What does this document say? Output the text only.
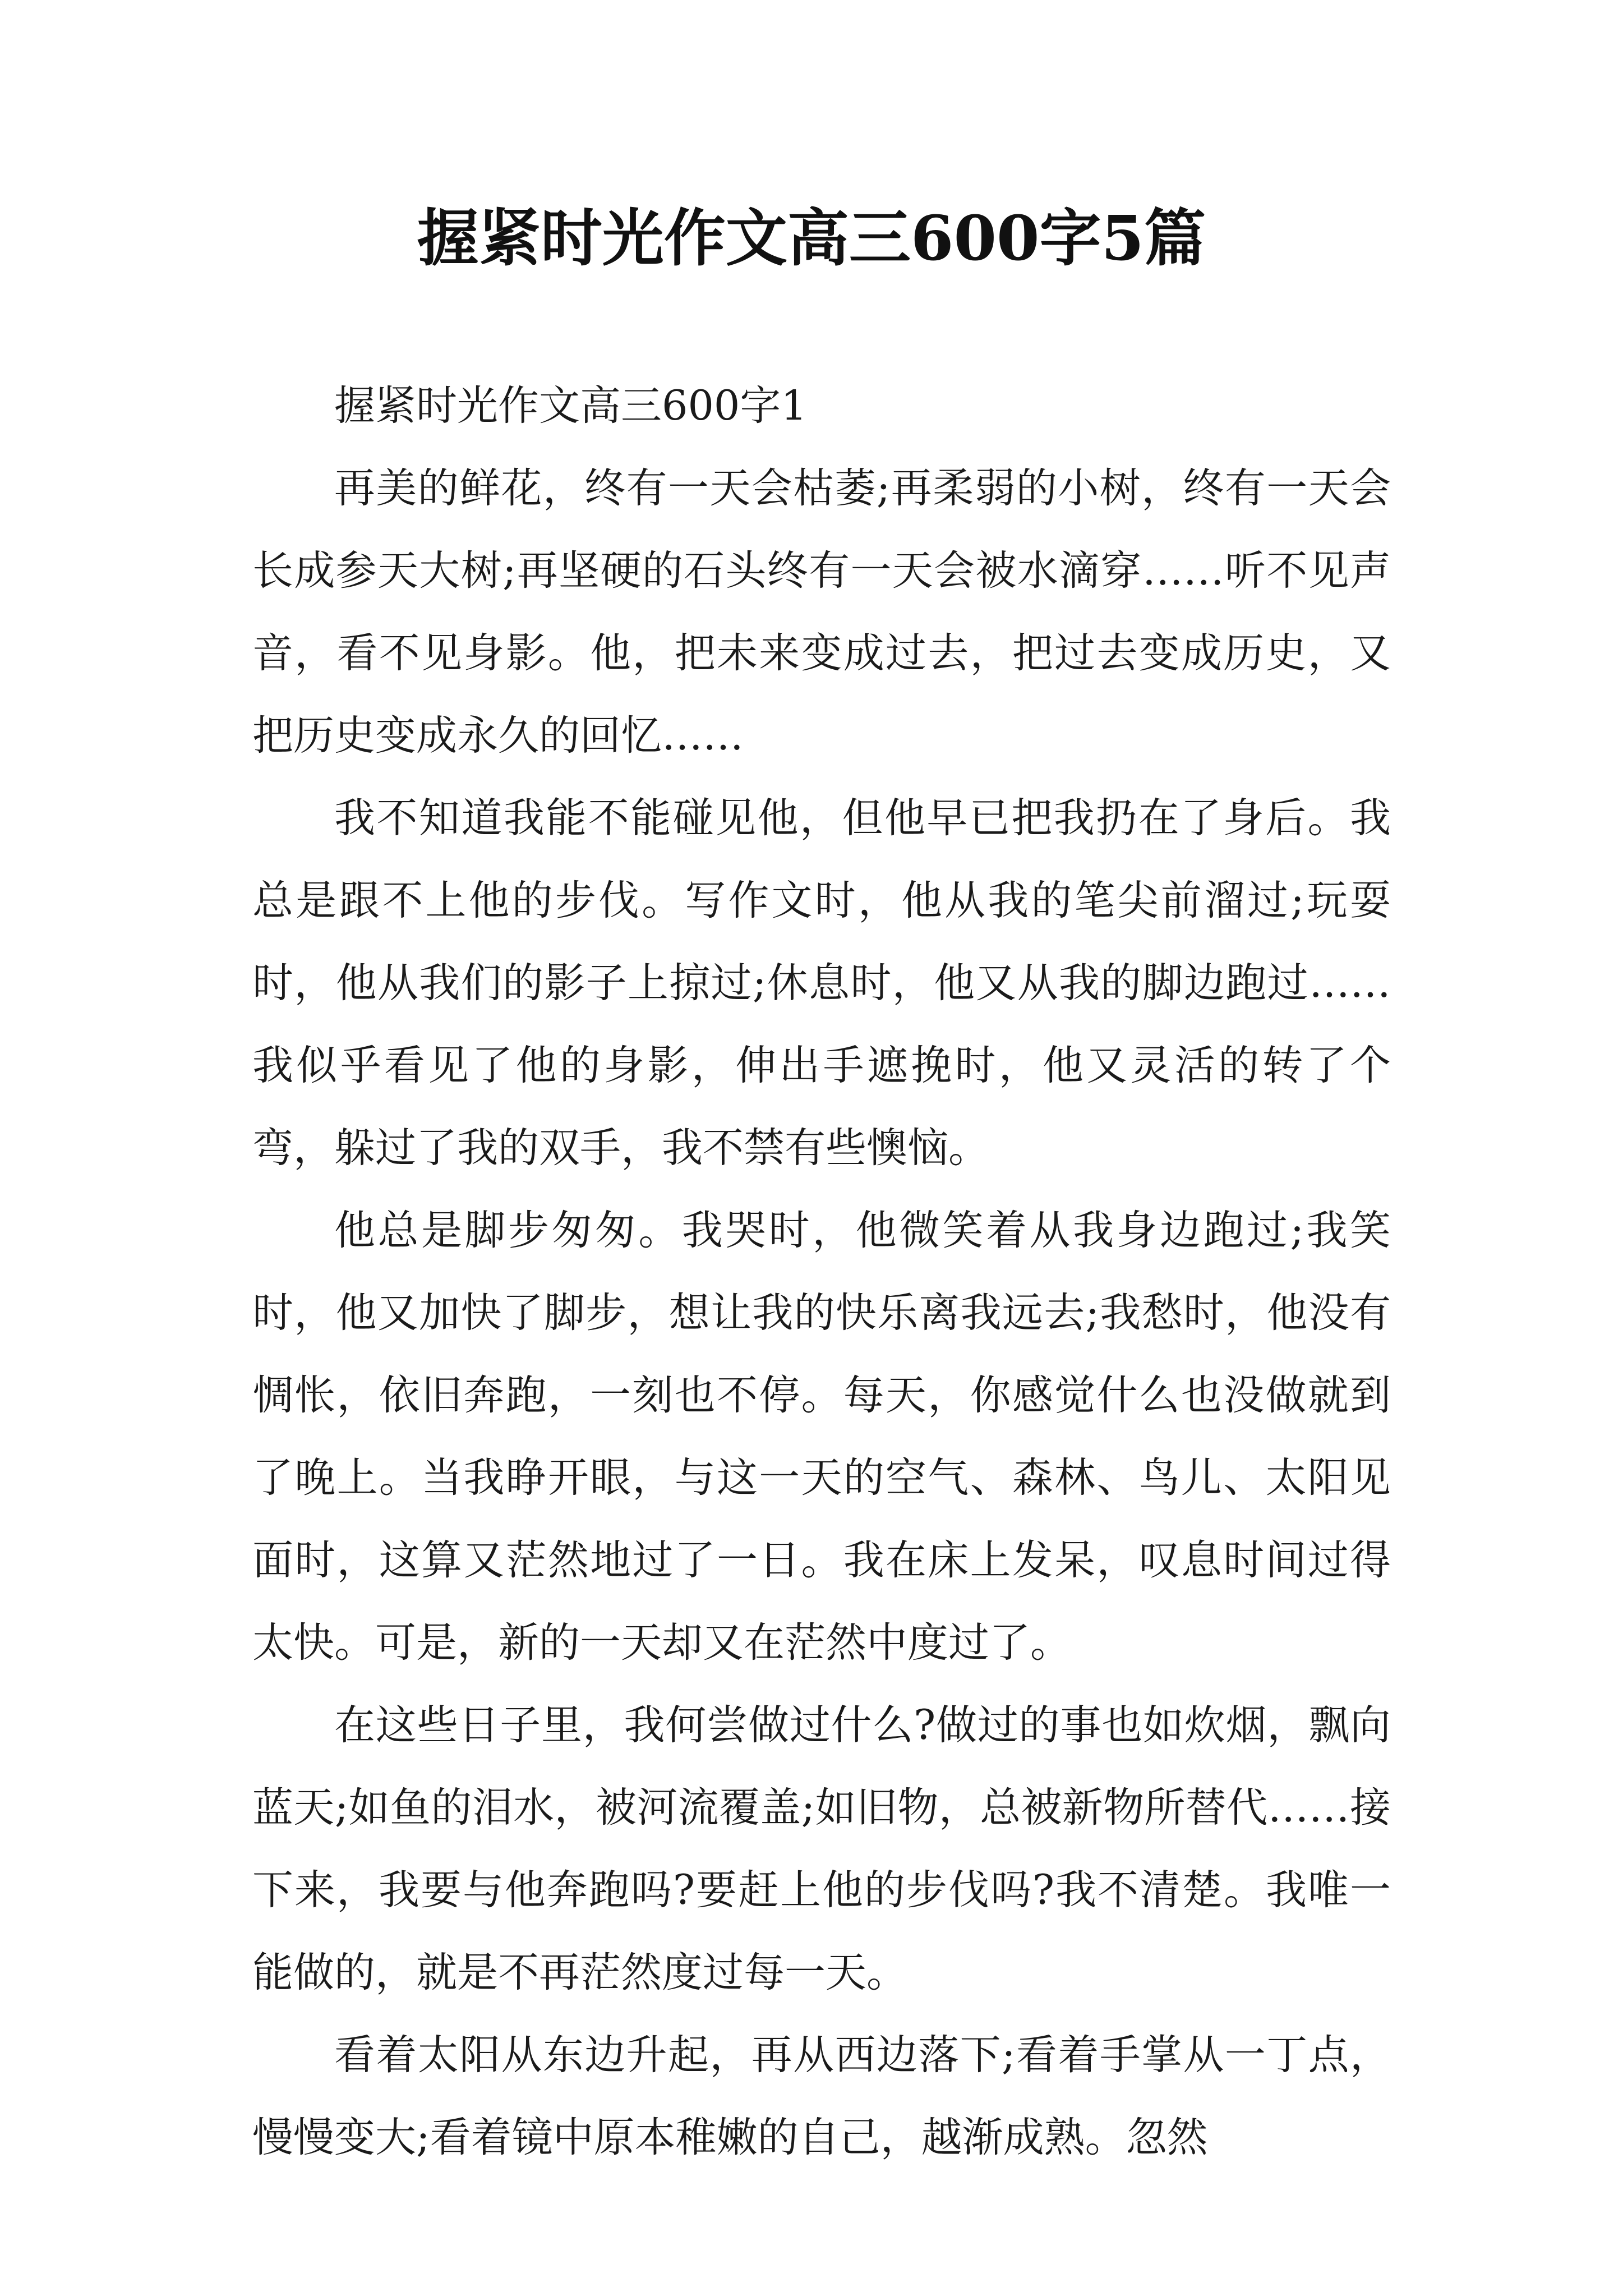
握紧时光作文高三600字5篇

握紧时光作文高三600字1

再美的鲜花，终有一天会枯萎;再柔弱的小树，终有一天会长成参天大树;再坚硬的石头终有一天会被水滴穿……听不见声音，看不见身影。他，把未来变成过去，把过去变成历史，又把历史变成永久的回忆……

我不知道我能不能碰见他，但他早已把我扔在了身后。我总是跟不上他的步伐。写作文时，他从我的笔尖前溜过;玩耍时，他从我们的影子上掠过;休息时，他又从我的脚边跑过……我似乎看见了他的身影，伸出手遮挽时，他又灵活的转了个弯，躲过了我的双手，我不禁有些懊恼。

他总是脚步匆匆。我哭时，他微笑着从我身边跑过;我笑时，他又加快了脚步，想让我的快乐离我远去;我愁时，他没有惆怅，依旧奔跑，一刻也不停。每天，你感觉什么也没做就到了晚上。当我睁开眼，与这一天的空气、森林、鸟儿、太阳见面时，这算又茫然地过了一日。我在床上发呆，叹息时间过得太快。可是，新的一天却又在茫然中度过了。

在这些日子里，我何尝做过什么?做过的事也如炊烟，飘向蓝天;如鱼的泪水，被河流覆盖;如旧物，总被新物所替代……接下来，我要与他奔跑吗?要赶上他的步伐吗?我不清楚。我唯一能做的，就是不再茫然度过每一天。

看着太阳从东边升起，再从西边落下;看着手掌从一丁点，慢慢变大;看着镜中原本稚嫩的自己，越渐成熟。忽然
